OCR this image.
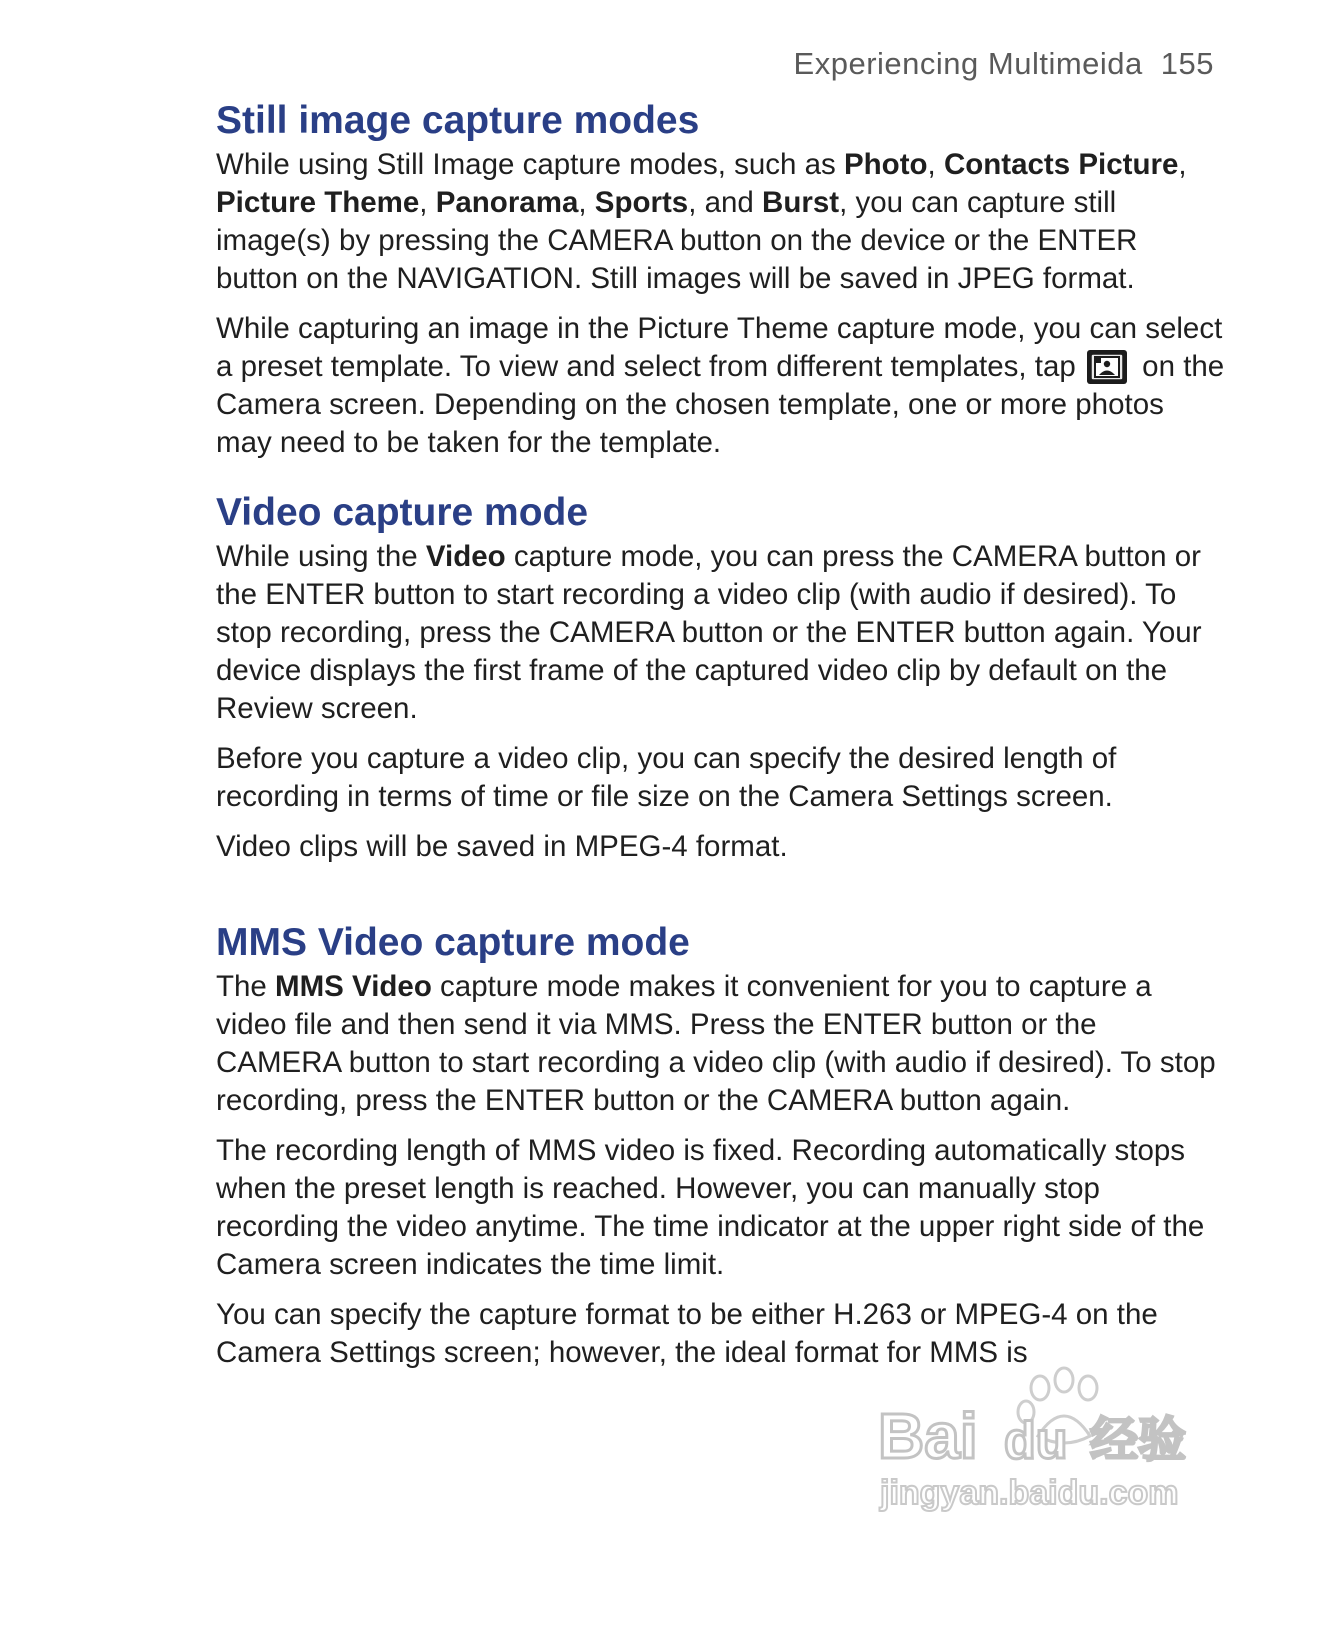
Experiencing Multimeida 155
Still image capture modes

While using Still Image capture modes, such as Photo, Contacts Picture, Picture Theme, Panorama, Sports, and Burst, you can capture still image(s) by pressing the CAMERA button on the device or the ENTER button on the NAVIGATION. Still images will be saved in JPEG format.

While capturing an image in the Picture Theme capture mode, you can select a preset template. To view and select from different templates, tap  on the Camera screen. Depending on the chosen template, one or more photos may need to be taken for the template.

Video capture mode

While using the Video capture mode, you can press the CAMERA button or the ENTER button to start recording a video clip (with audio if desired). To stop recording, press the CAMERA button or the ENTER button again. Your device displays the first frame of the captured video clip by default on the Review screen.

Before you capture a video clip, you can specify the desired length of recording in terms of time or file size on the Camera Settings screen.

Video clips will be saved in MPEG-4 format.

MMS Video capture mode

The MMS Video capture mode makes it convenient for you to capture a video file and then send it via MMS. Press the ENTER button or the CAMERA button to start recording a video clip (with audio if desired). To stop recording, press the ENTER button or the CAMERA button again.

The recording length of MMS video is fixed. Recording automatically stops when the preset length is reached. However, you can manually stop recording the video anytime. The time indicator at the upper right side of the Camera screen indicates the time limit.

You can specify the capture format to be either H.263 or MPEG-4 on the Camera Settings screen; however, the ideal format for MMS is

Bai du 经验
jingyan.baidu.com
